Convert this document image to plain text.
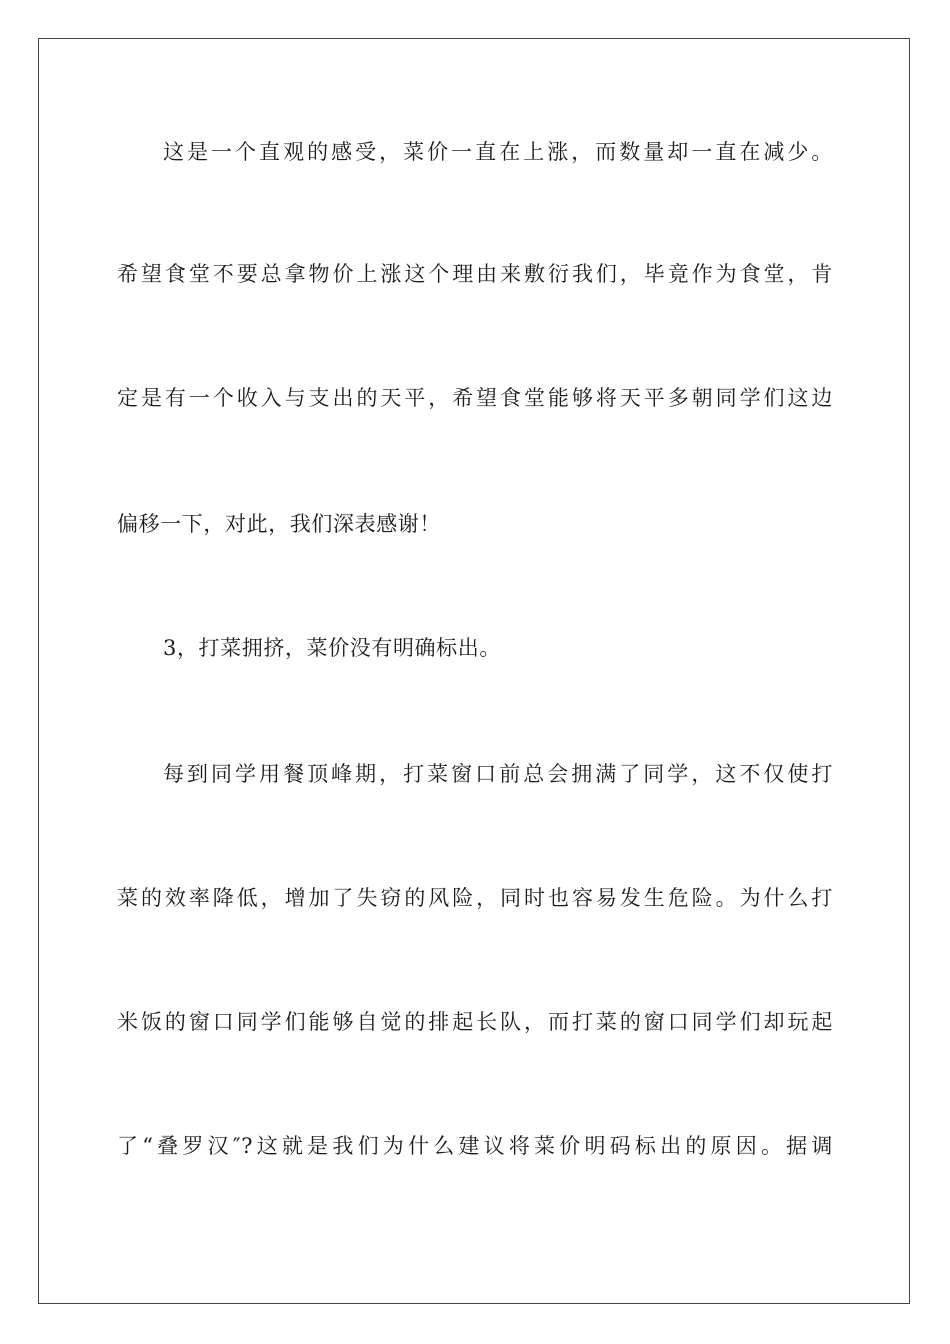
这是一个直观的感受，菜价一直在上涨，而数量却一直在减少。
希望食堂不要总拿物价上涨这个理由来敷衍我们，毕竟作为食堂，肯
定是有一个收入与支出的天平，希望食堂能够将天平多朝同学们这边
偏移一下，对此，我们深表感谢！
3，打菜拥挤，菜价没有明确标出。
每到同学用餐顶峰期，打菜窗口前总会拥满了同学，这不仅使打
菜的效率降低，增加了失窃的风险，同时也容易发生危险。为什么打
米饭的窗口同学们能够自觉的排起长队，而打菜的窗口同学们却玩起
了“叠罗汉″?这就是我们为什么建议将菜价明码标出的原因。据调
